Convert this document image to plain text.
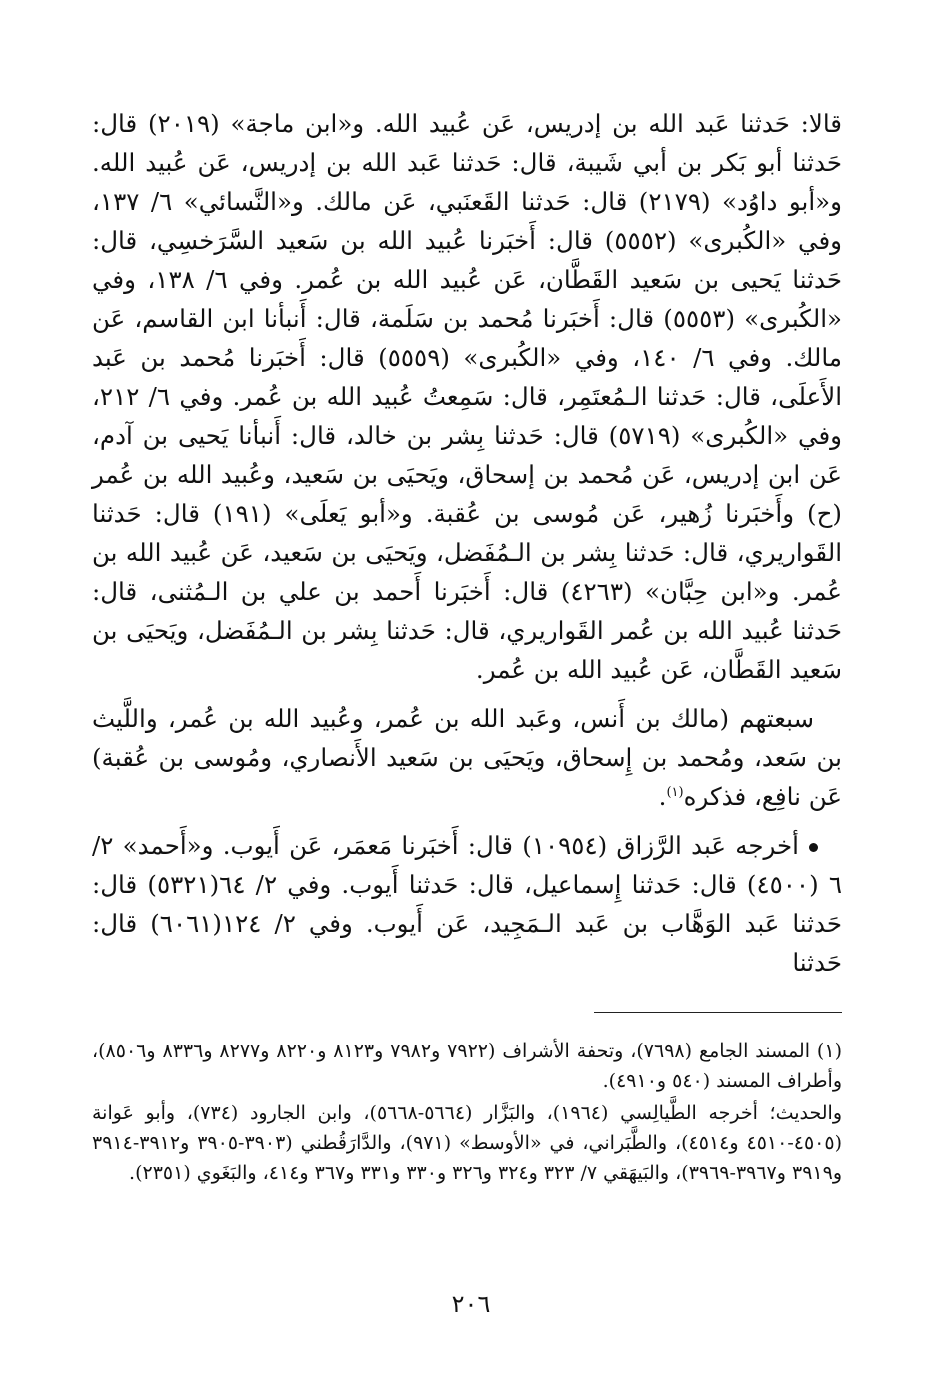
قالا: حَدثنا عَبد الله بن إدريس، عَن عُبيد الله. و«ابن ماجة» (٢٠١٩) قال: حَدثنا أبو بَكر بن أبي شَيبة، قال: حَدثنا عَبد الله بن إدريس، عَن عُبيد الله. و«أبو داوُد» (٢١٧٩) قال: حَدثنا القَعنَبي، عَن مالك. و«النَّسائي» ٦/ ١٣٧، وفي «الكُبرى» (٥٥٥٢) قال: أَخبَرنا عُبيد الله بن سَعيد السَّرَخسِي، قال: حَدثنا يَحيى بن سَعيد القَطَّان، عَن عُبيد الله بن عُمر. وفي ٦/ ١٣٨، وفي «الكُبرى» (٥٥٥٣) قال: أَخبَرنا مُحمد بن سَلَمة، قال: أَنبأنا ابن القاسم، عَن مالك. وفي ٦/ ١٤٠، وفي «الكُبرى» (٥٥٥٩) قال: أَخبَرنا مُحمد بن عَبد الأَعلَى، قال: حَدثنا الـمُعتَمِر، قال: سَمِعتُ عُبيد الله بن عُمر. وفي ٦/ ٢١٢، وفي «الكُبرى» (٥٧١٩) قال: حَدثنا بِشر بن خالد، قال: أَنبأنا يَحيى بن آدم، عَن ابن إدريس، عَن مُحمد بن إسحاق، ويَحيَى بن سَعيد، وعُبيد الله بن عُمر (ح) وأَخبَرنا زُهير، عَن مُوسى بن عُقبة. و«أبو يَعلَى» (١٩١) قال: حَدثنا القَواريري، قال: حَدثنا بِشر بن الـمُفَضل، ويَحيَى بن سَعيد، عَن عُبيد الله بن عُمر. و«ابن حِبَّان» (٤٢٦٣) قال: أَخبَرنا أَحمد بن علي بن الـمُثنى، قال: حَدثنا عُبيد الله بن عُمر القَواريري، قال: حَدثنا بِشر بن الـمُفَضل، ويَحيَى بن سَعيد القَطَّان، عَن عُبيد الله بن عُمر.

سبعتهم (مالك بن أَنس، وعَبد الله بن عُمر، وعُبيد الله بن عُمر، واللَّيث بن سَعد، ومُحمد بن إِسحاق، ويَحيَى بن سَعيد الأَنصاري، ومُوسى بن عُقبة) عَن نافِع، فذكره$^{(١)}$.

أخرجه عَبد الرَّزاق (١٠٩٥٤) قال: أَخبَرنا مَعمَر، عَن أَيوب. و«أَحمد» ٢/ ٦ (٤٥٠٠) قال: حَدثنا إِسماعيل، قال: حَدثنا أَيوب. وفي ٢/ ٦٤(٥٣٢١) قال: حَدثنا عَبد الوَهَّاب بن عَبد الـمَجِيد، عَن أَيوب. وفي ٢/ ١٢٤(٦٠٦١) قال: حَدثنا

(١) المسند الجامع (٧٦٩٨)، وتحفة الأشراف (٧٩٢٢ و٧٩٨٢ و٨١٢٣ و٨٢٢٠ و٨٢٧٧ و٨٣٣٦ و٨٥٠٦)، وأطراف المسند (٥٤٠ و٤٩١٠).

والحديث؛ أخرجه الطَّيالِسي (١٩٦٤)، والبَزَّار (٥٦٦٤-٥٦٦٨)، وابن الجارود (٧٣٤)، وأبو عَوانة (٤٥٠٥-٤٥١٠ و٤٥١٤)، والطَّبَراني، في «الأوسط» (٩٧١)، والدَّارَقُطني (٣٩٠٣-٣٩٠٥ و٣٩١٢-٣٩١٤ و٣٩١٩ و٣٩٦٧-٣٩٦٩)، والبَيهَقي ٧/ ٣٢٣ و٣٢٤ و٣٢٦ و٣٣٠ و٣٣١ و٣٦٧ و٤١٤، والبَغَوي (٢٣٥١).

٢٠٦
